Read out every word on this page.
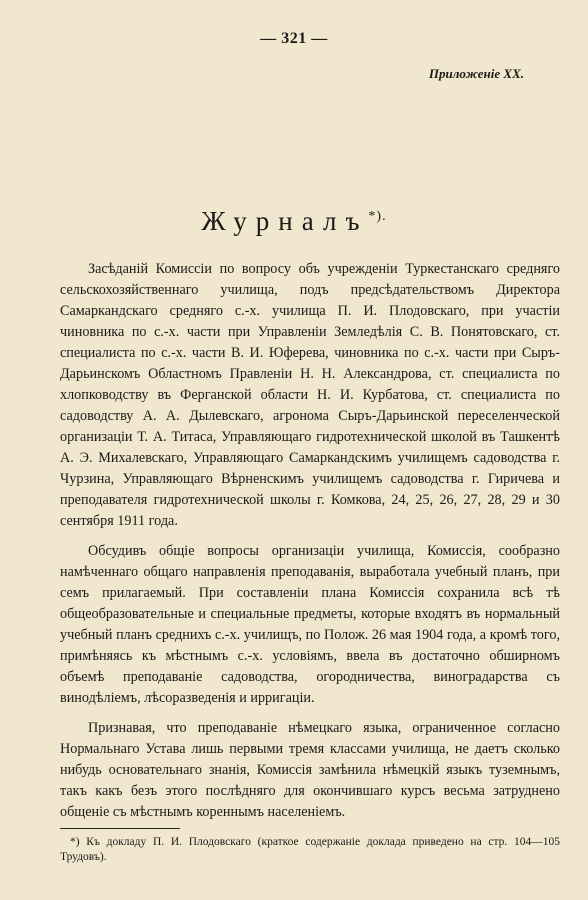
— 321 —
Приложеніе XX.
Журналъ*).

Засѣданій Комиссіи по вопросу объ учрежденіи Туркестанскаго средняго сельскохозяйственнаго училища, подъ предсѣдательствомъ Директора Самаркандскаго средняго с.-х. училища П. И. Плодовскаго, при участіи чиновника по с.-х. части при Управленіи Земледѣлія С. В. Понятовскаго, ст. специалиста по с.-х. части В. И. Юферева, чиновника по с.-х. части при Сыръ-Дарьинскомъ Областномъ Правленіи Н. Н. Александрова, ст. специалиста по хлопководству въ Ферганской области Н. И. Курбатова, ст. специалиста по садоводству А. А. Дылевскаго, агронома Сыръ-Дарьинской переселенческой организаціи Т. А. Титаса, Управляющаго гидротехнической школой въ Ташкентѣ А. Э. Михалевскаго, Управляющаго Самаркандскимъ училищемъ садоводства г. Чурзина, Управляющаго Вѣрненскимъ училищемъ садоводства г. Гиричева и преподавателя гидротехнической школы г. Комкова, 24, 25, 26, 27, 28, 29 и 30 сентября 1911 года.

Обсудивъ общіе вопросы организаціи училища, Комиссія, сообразно намѣченнаго общаго направленія преподаванія, выработала учебный планъ, при семъ прилагаемый. При составленіи плана Комиссія сохранила всѣ тѣ общеобразовательные и специальные предметы, которые входятъ въ нормальный учебный планъ среднихъ с.-х. училищъ, по Полож. 26 мая 1904 года, а кромѣ того, примѣняясь къ мѣстнымъ с.-х. условіямъ, ввела въ достаточно обширномъ объемѣ преподаваніе садоводства, огородничества, виноградарства съ винодѣліемъ, лѣсоразведенія и ирригаціи.

Признавая, что преподаваніе нѣмецкаго языка, ограниченное согласно Нормальнаго Устава лишь первыми тремя классами училища, не даетъ сколько нибудь основательнаго знанія, Комиссія замѣнила нѣмецкій языкъ туземнымъ, такъ какъ безъ этого послѣдняго для окончившаго курсъ весьма затруднено общеніе съ мѣстнымъ кореннымъ населеніемъ.

*) Къ докладу П. И. Плодовскаго (краткое содержаніе доклада приведено на стр. 104—105 Трудовъ).
